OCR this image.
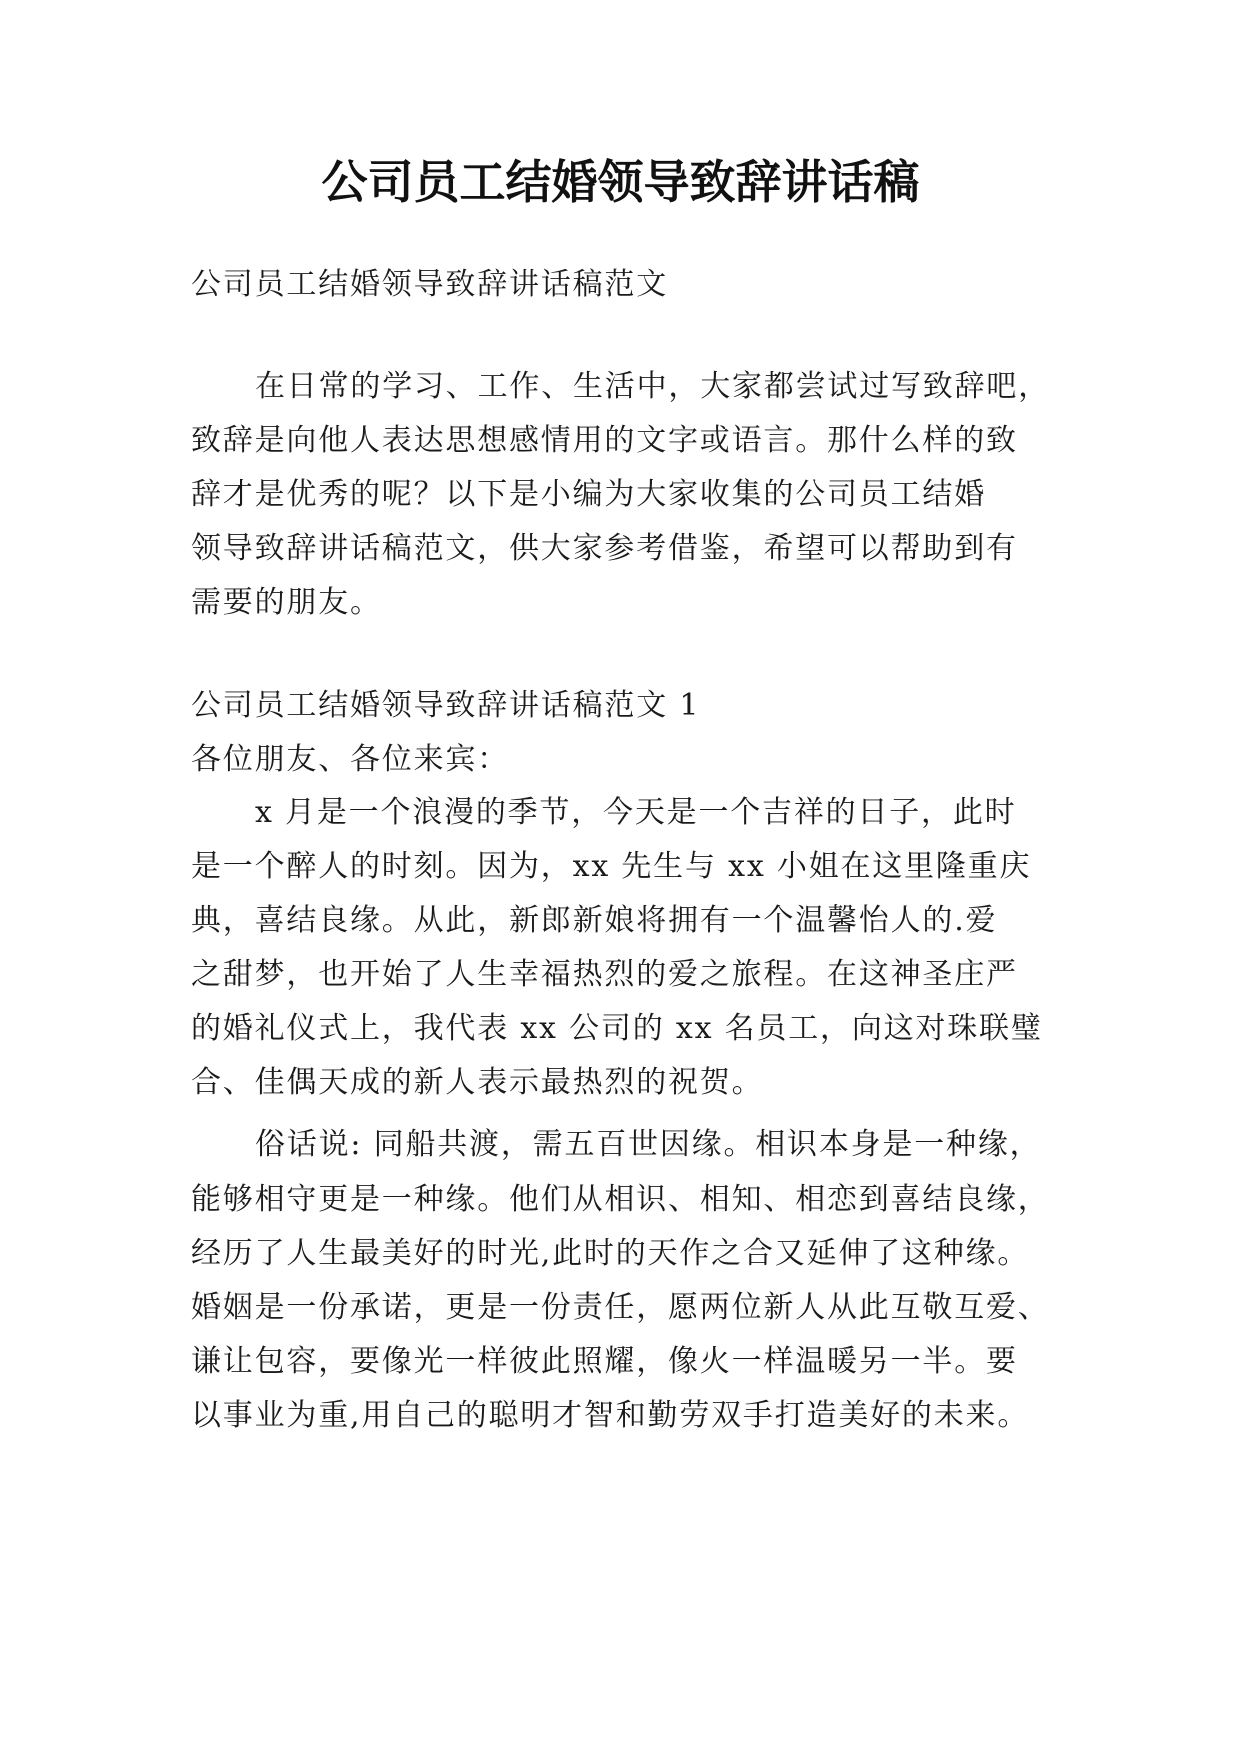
公司员工结婚领导致辞讲话稿
公司员工结婚领导致辞讲话稿范文
在日常的学习、工作、生活中，大家都尝试过写致辞吧，
致辞是向他人表达思想感情用的文字或语言。那什么样的致
辞才是优秀的呢？以下是小编为大家收集的公司员工结婚
领导致辞讲话稿范文，供大家参考借鉴，希望可以帮助到有
需要的朋友。
公司员工结婚领导致辞讲话稿范文 1
各位朋友、各位来宾：
x 月是一个浪漫的季节，今天是一个吉祥的日子，此时
是一个醉人的时刻。因为，xx 先生与 xx 小姐在这里隆重庆
典，喜结良缘。从此，新郎新娘将拥有一个温馨怡人的.爱
之甜梦，也开始了人生幸福热烈的爱之旅程。在这神圣庄严
的婚礼仪式上，我代表 xx 公司的 xx 名员工，向这对珠联璧
合、佳偶天成的新人表示最热烈的祝贺。
俗话说: 同船共渡，需五百世因缘。相识本身是一种缘，
能够相守更是一种缘。他们从相识、相知、相恋到喜结良缘，
经历了人生最美好的时光,此时的天作之合又延伸了这种缘。
婚姻是一份承诺，更是一份责任，愿两位新人从此互敬互爱、
谦让包容，要像光一样彼此照耀，像火一样温暖另一半。要
以事业为重,用自己的聪明才智和勤劳双手打造美好的未来。
